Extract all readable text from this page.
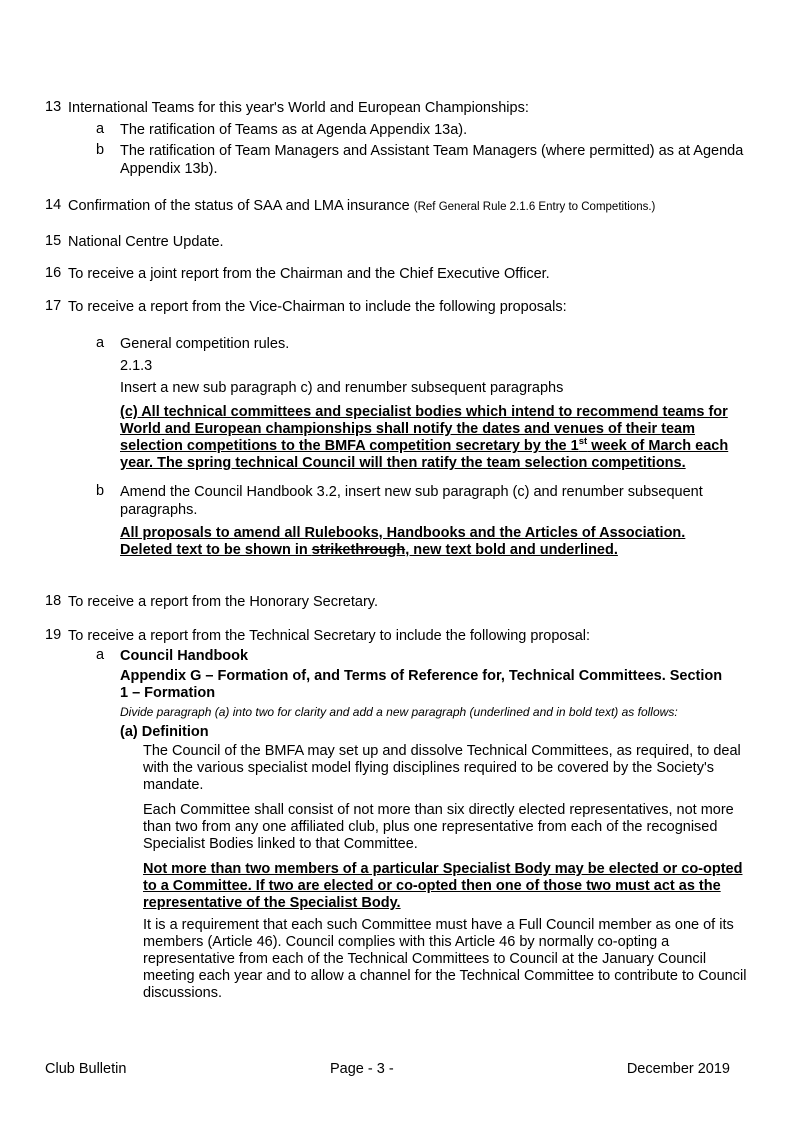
13 International Teams for this year's World and European Championships:

a	The ratification of Teams as at Agenda Appendix 13a).

b	The ratification of Team Managers and Assistant Team Managers (where permitted) as at Agenda Appendix 13b).

14 Confirmation of the status of SAA and LMA insurance (Ref General Rule 2.1.6 Entry to Competitions.)

15 National Centre Update.

16 To receive a joint report from the Chairman and the Chief Executive Officer.

17 To receive a report from the Vice-Chairman to include the following proposals:

a	General competition rules.

2.1.3

Insert a new sub paragraph c) and renumber subsequent paragraphs

(c) All technical committees and specialist bodies which intend to recommend teams for World and European championships shall notify the dates and venues of their team selection competitions to the BMFA competition secretary by the 1st week of March each year. The spring technical Council will then ratify the team selection competitions.

b	Amend the Council Handbook 3.2, insert new sub paragraph (c) and renumber subsequent paragraphs.

All proposals to amend all Rulebooks, Handbooks and the Articles of Association. Deleted text to be shown in strikethrough, new text bold and underlined.

18 To receive a report from the Honorary Secretary.

19 To receive a report from the Technical Secretary to include the following proposal:

a	Council Handbook

Appendix G – Formation of, and Terms of Reference for, Technical Committees. Section 1 – Formation

Divide paragraph (a) into two for clarity and add a new paragraph (underlined and in bold text) as follows:

(a) Definition

The Council of the BMFA may set up and dissolve Technical Committees, as required, to deal with the various specialist model flying disciplines required to be covered by the Society's mandate.

Each Committee shall consist of not more than six directly elected representatives, not more than two from any one affiliated club, plus one representative from each of the recognised Specialist Bodies linked to that Committee.

Not more than two members of a particular Specialist Body may be elected or co-opted to a Committee. If two are elected or co-opted then one of those two must act as the representative of the Specialist Body.

It is a requirement that each such Committee must have a Full Council member as one of its members (Article 46). Council complies with this Article 46 by normally co-opting a representative from each of the Technical Committees to Council at the January Council meeting each year and to allow a channel for the Technical Committee to contribute to Council discussions.

Club Bulletin	Page - 3 -	December 2019
